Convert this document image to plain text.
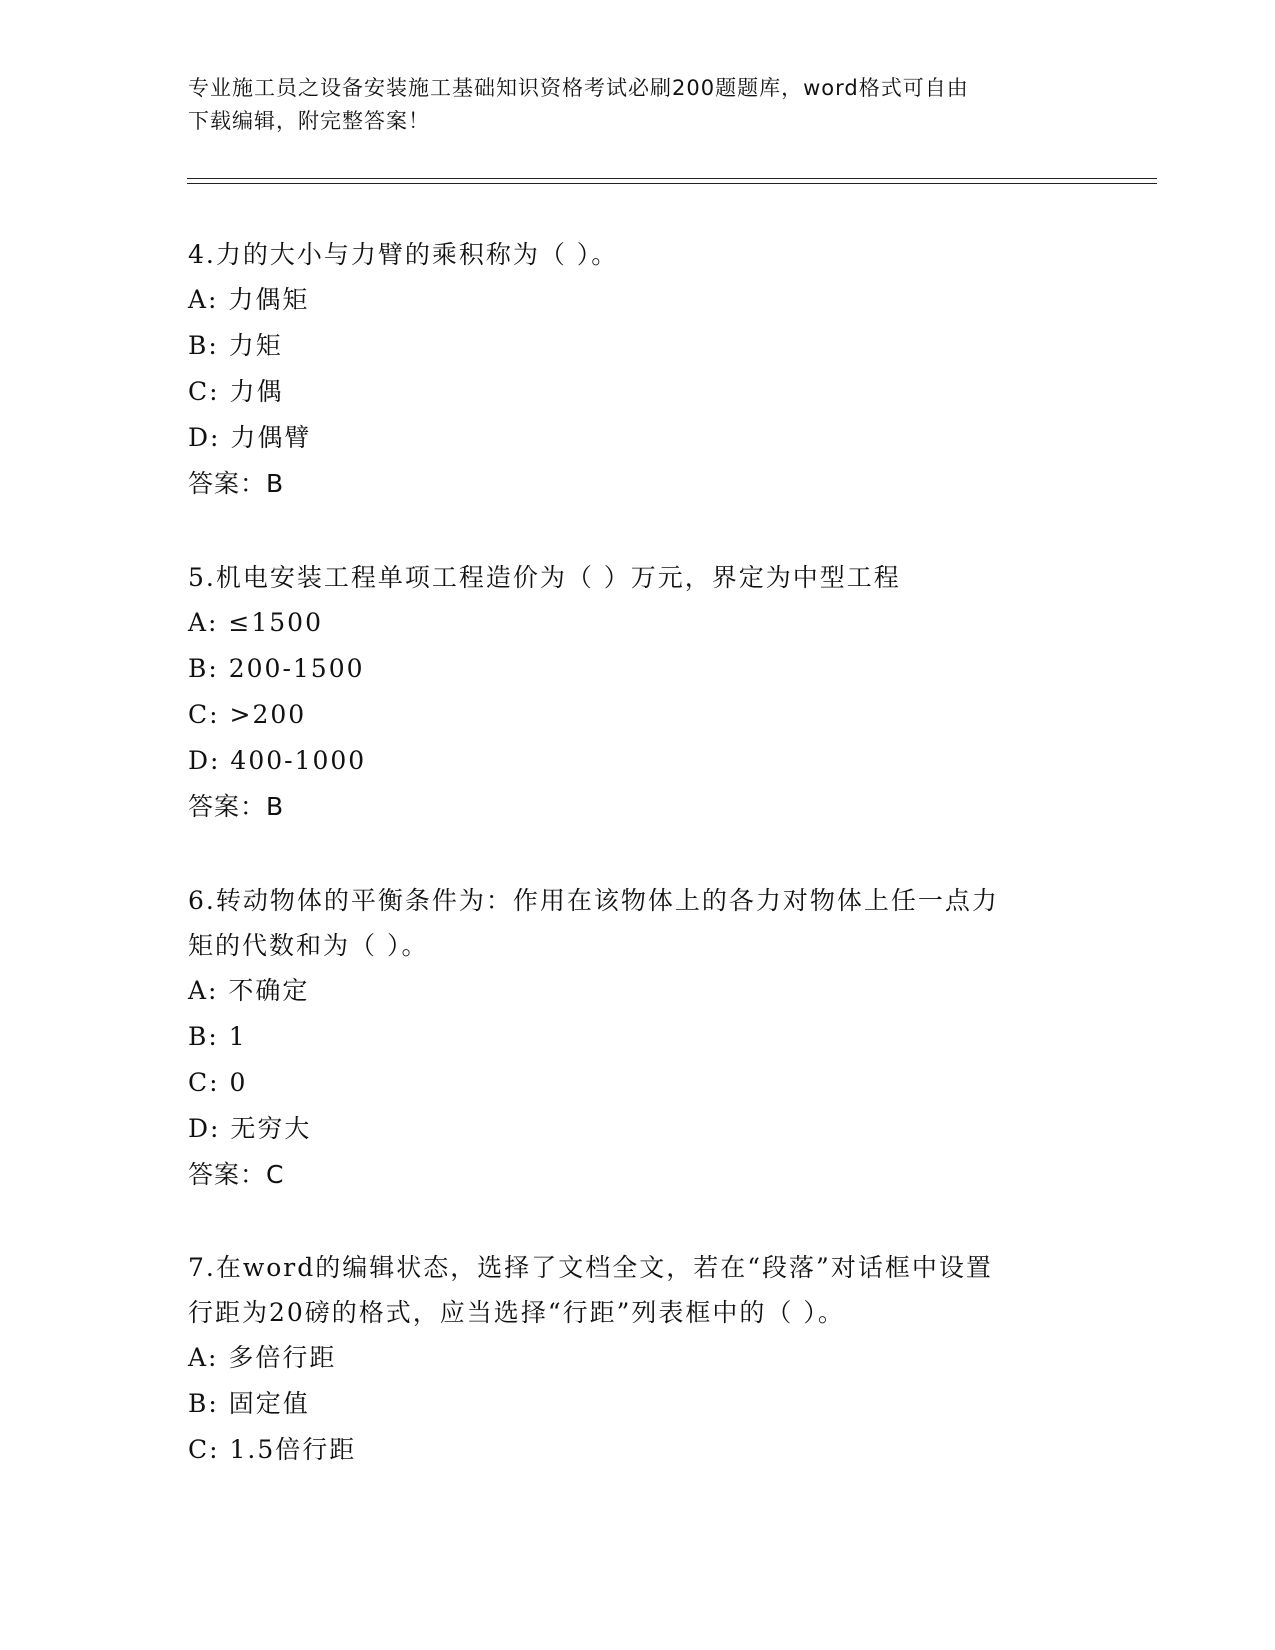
专业施工员之设备安装施工基础知识资格考试必刷200题题库，word格式可自由
下载编辑，附完整答案！

4.力的大小与力臂的乘积称为（ ）。

A: 力偶矩

B: 力矩

C: 力偶

D: 力偶臂

答案：B

5.机电安装工程单项工程造价为（ ）万元，界定为中型工程

A: ≤1500

B: 200-1500

C: >200

D: 400-1000

答案：B

6.转动物体的平衡条件为：作用在该物体上的各力对物体上任一点力

矩的代数和为（ ）。

A: 不确定

B: 1

C: 0

D: 无穷大

答案：C

7.在word的编辑状态，选择了文档全文，若在“段落”对话框中设置

行距为20磅的格式，应当选择“行距”列表框中的（ ）。

A: 多倍行距

B: 固定值

C: 1.5倍行距
